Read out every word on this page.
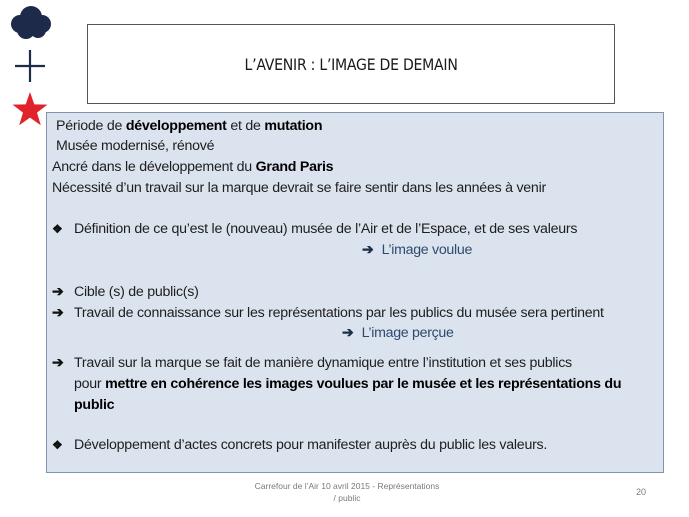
L’AVENIR : L’IMAGE DE DEMAIN
Période de développement et de mutation
Musée modernisé, rénové
Ancré dans le développement du Grand Paris
Nécessité d’un travail sur la marque devrait se faire sentir dans les années à venir
❖ Définition de ce qu’est le (nouveau) musée de l’Air et de l’Espace, et de ses valeurs
➔ L’image voulue
➔ Cible (s) de public(s)
➔ Travail de connaissance sur les représentations par les publics du musée sera pertinent
➔ L’image perçue
➔ Travail sur la marque se fait de manière dynamique entre l’institution et ses publics
pour mettre en cohérence les images voulues par le musée et les représentations du
public
❖ Développement d’actes concrets pour manifester auprès du public les valeurs.
Carrefour de l’Air 10 avril 2015 - Représentations
/ public
20
